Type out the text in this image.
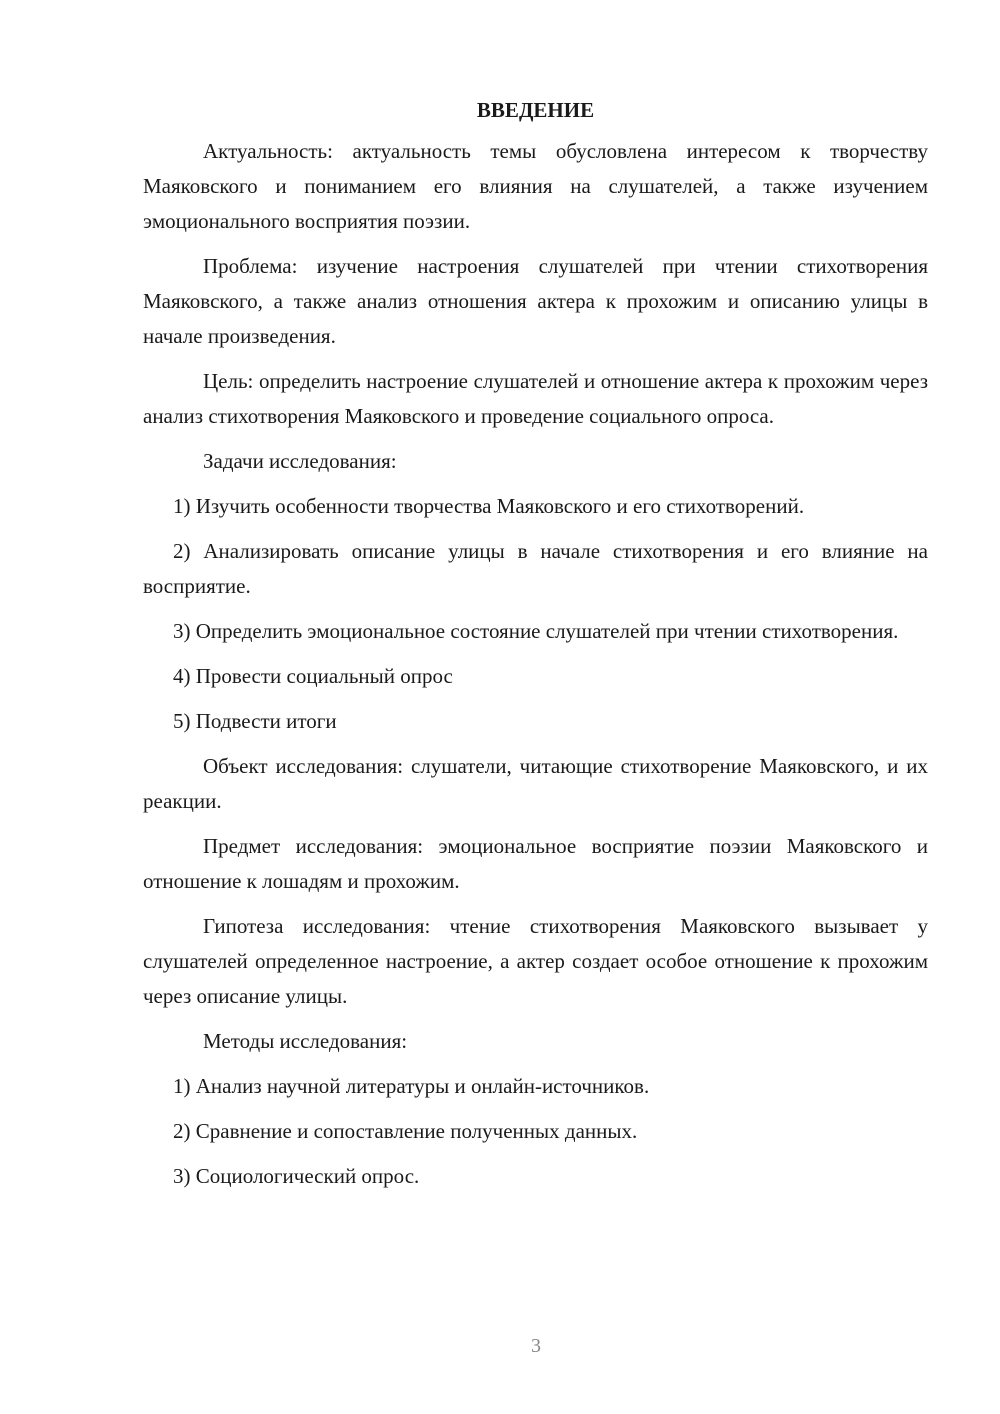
ВВЕДЕНИЕ

Актуальность: актуальность темы обусловлена интересом к творчеству Маяковского и пониманием его влияния на слушателей, а также изучением эмоционального восприятия поэзии.

Проблема: изучение настроения слушателей при чтении стихотворения Маяковского, а также анализ отношения актера к прохожим и описанию улицы в начале произведения.

Цель: определить настроение слушателей и отношение актера к прохожим через анализ стихотворения Маяковского и проведение социального опроса.

Задачи исследования:

1) Изучить особенности творчества Маяковского и его стихотворений.

2) Анализировать описание улицы в начале стихотворения и его влияние на восприятие.

3) Определить эмоциональное состояние слушателей при чтении стихотворения.

4) Провести социальный опрос

5) Подвести итоги

Объект исследования: слушатели, читающие стихотворение Маяковского, и их реакции.

Предмет исследования: эмоциональное восприятие поэзии Маяковского и отношение к лошадям и прохожим.

Гипотеза исследования: чтение стихотворения Маяковского вызывает у слушателей определенное настроение, а актер создает особое отношение к прохожим через описание улицы.

Методы исследования:

1) Анализ научной литературы и онлайн-источников.

2) Сравнение и сопоставление полученных данных.

3) Социологический опрос.

3
